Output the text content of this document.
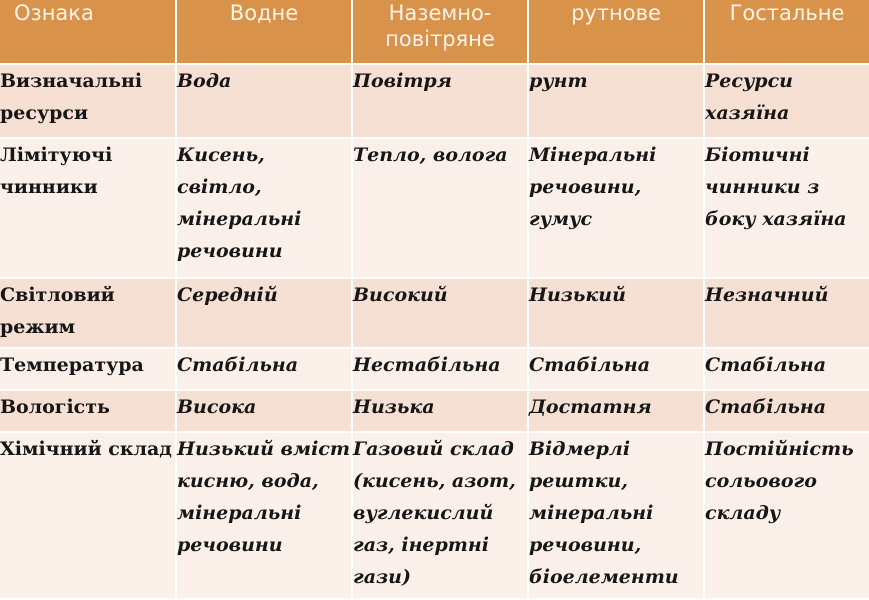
Ознака	Водне	Наземно-повітряне	рутнове	Гостальне
Визначальні ресурси	Вода	Повітря	рунт	Ресурси хазяїна
Лімітуючі чинники	Кисень, світло, мінеральні речовини	Тепло, волога	Мінеральні речовини, гумус	Біотичні чинники з боку хазяїна
Світловий режим	Середній	Високий	Низький	Незначний
Температура	Стабільна	Нестабільна	Стабільна	Стабільна
Вологість	Висока	Низька	Достатня	Стабільна
Хімічний склад	Низький вміст кисню, вода, мінеральні речовини	Газовий склад (кисень, азот, вуглекислий газ, інертні гази)	Відмерлі рештки, мінеральні речовини, біоелементи	Постійність сольового складу
